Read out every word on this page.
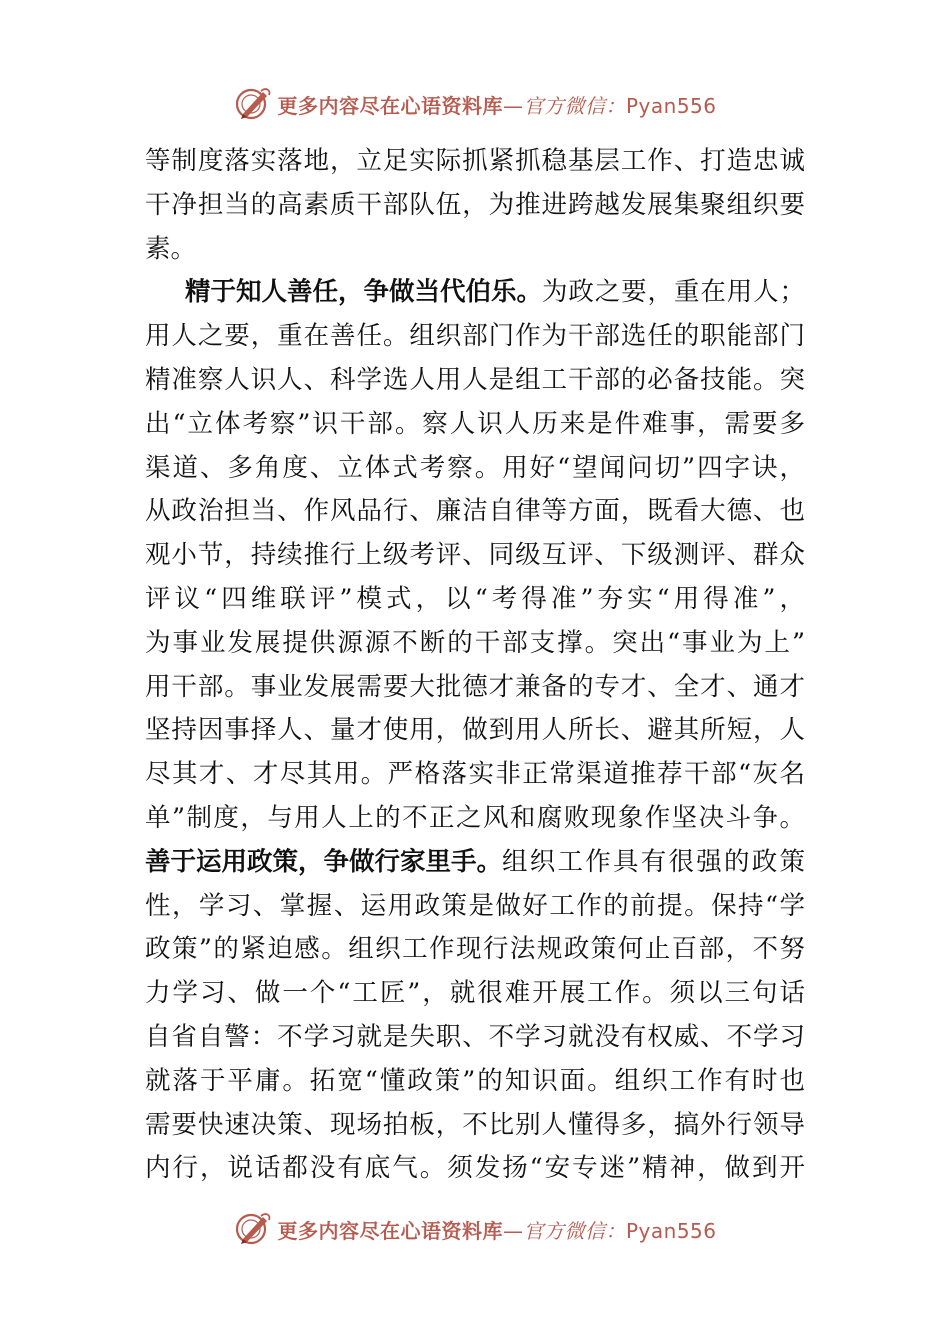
更多内容尽在心语资料库—官方微信：Pyan556
等制度落实落地，立足实际抓紧抓稳基层工作、打造忠诚
干净担当的高素质干部队伍，为推进跨越发展集聚组织要
素。
精于知人善任，争做当代伯乐。 为政之要，重在用人；
用人之要，重在善任。组织部门作为干部选任的职能部门
精准察人识人、科学选人用人是组工干部的必备技能。突
出“立体考察”识干部。察人识人历来是件难事，需要多
渠道、多角度、立体式考察。用好“望闻问切”四字诀，
从政治担当、作风品行、廉洁自律等方面，既看大德、也
观小节，持续推行上级考评、同级互评、下级测评、群众
评议“四维联评”模式，以“考得准”夯实“用得准”，
为事业发展提供源源不断的干部支撑。突出“事业为上”
用干部。事业发展需要大批德才兼备的专才、全才、通才
坚持因事择人、量才使用，做到用人所长、避其所短，人
尽其才、才尽其用。严格落实非正常渠道推荐干部“灰名
单”制度，与用人上的不正之风和腐败现象作坚决斗争。
善于运用政策，争做行家里手。 组织工作具有很强的政策
性，学习、掌握、运用政策是做好工作的前提。保持“学
政策”的紧迫感。组织工作现行法规政策何止百部，不努
力学习、做一个“工匠”，就很难开展工作。须以三句话
自省自警：不学习就是失职、不学习就没有权威、不学习
就落于平庸。拓宽“懂政策”的知识面。组织工作有时也
需要快速决策、现场拍板，不比别人懂得多，搞外行领导
内行，说话都没有底气。须发扬“安专迷”精神，做到开
更多内容尽在心语资料库—官方微信：Pyan556
